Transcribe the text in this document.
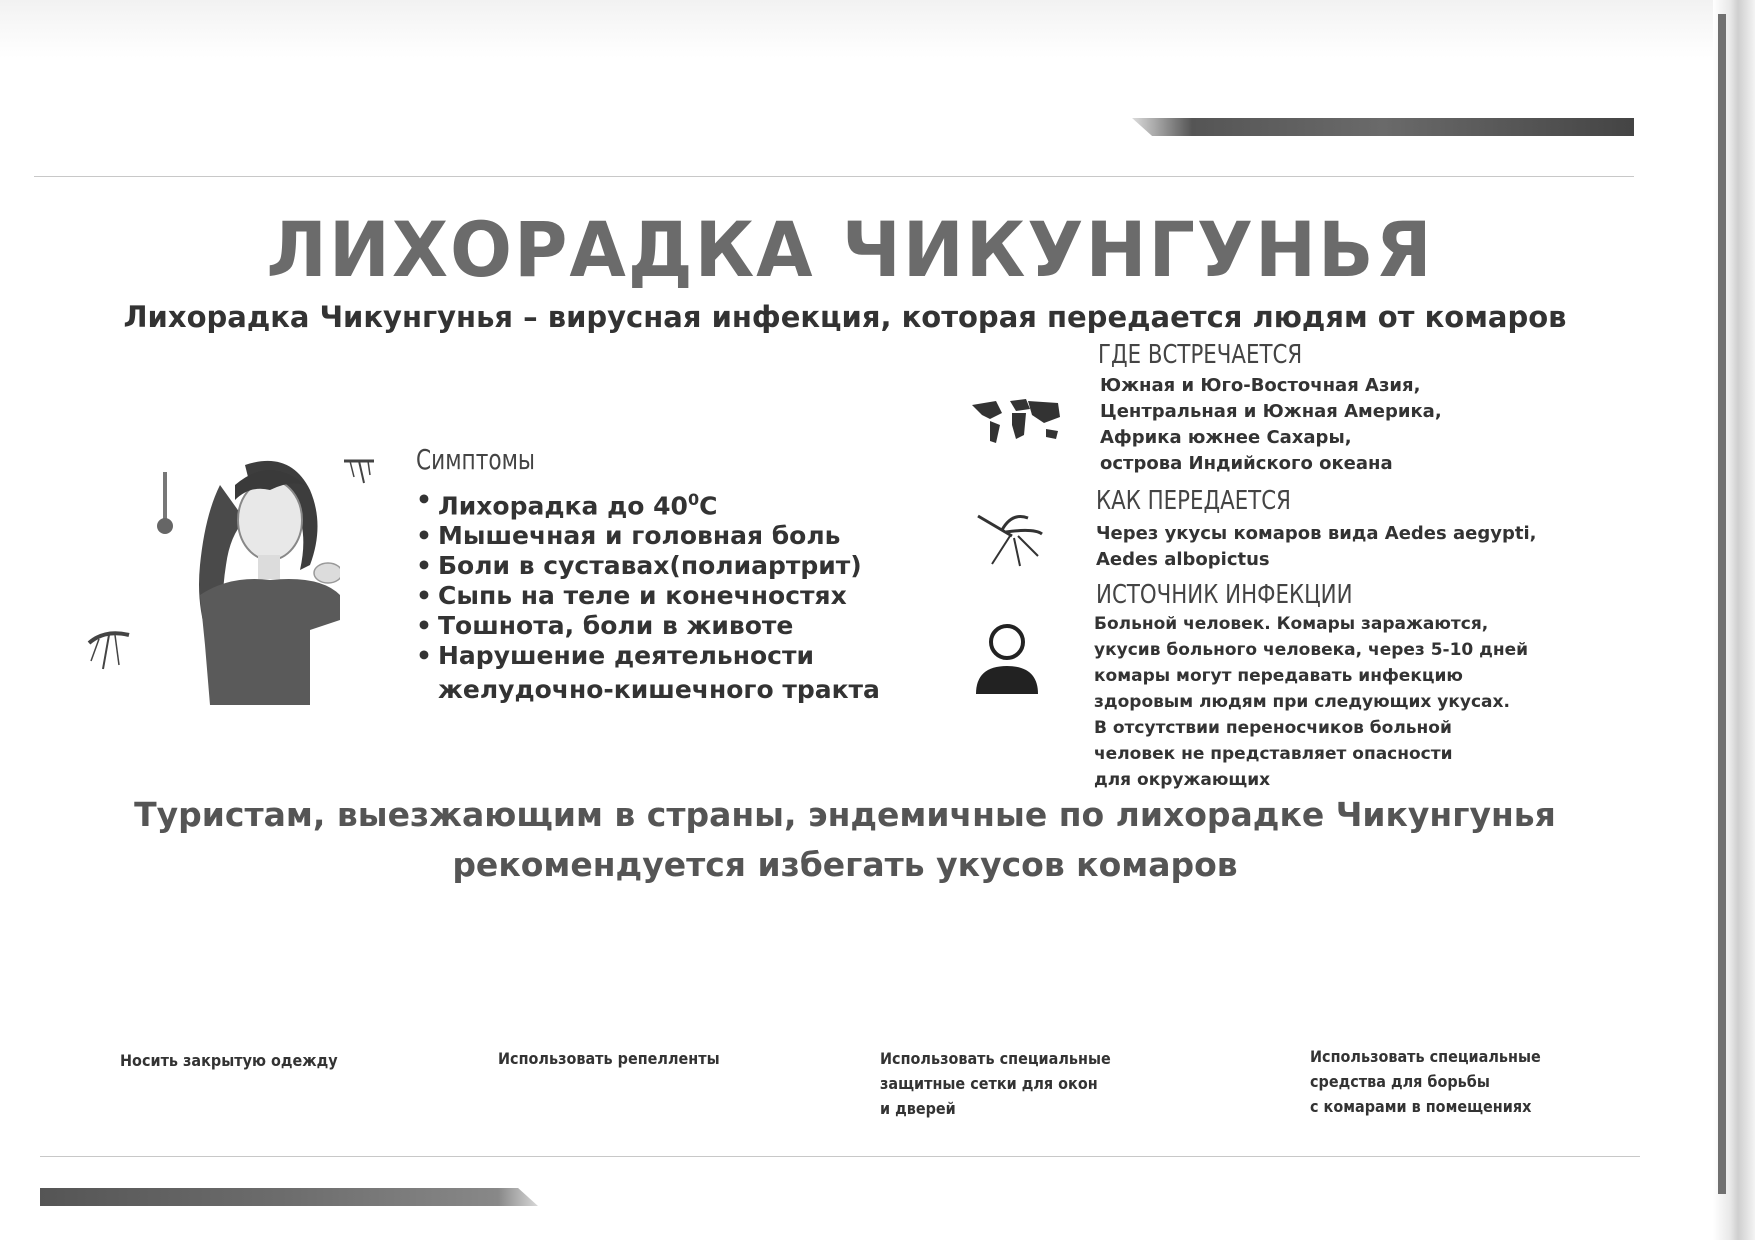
ЛИХОРАДКА ЧИКУНГУНЬЯ
Лихорадка Чикунгунья – вирусная инфекция, которая передается людям от комаров
Симптомы
• Лихорадка до $40^0С$
• Мышечная и головная боль
• Боли в суставах(полиартрит)
• Сыпь на теле и конечностях
• Тошнота, боли в животе
• Нарушение деятельности
желудочно-кишечного тракта
ГДЕ ВСТРЕЧАЕТСЯ
Южная и Юго-Восточная Азия,
Центральная и Южная Америка,
Африка южнее Сахары,
острова Индийского океана
КАК ПЕРЕДАЕТСЯ
Через укусы комаров вида Aedes aegypti,
Aedes albopictus
ИСТОЧНИК ИНФЕКЦИИ
Больной человек. Комары заражаются,
укусив больного человека, через 5-10 дней
комары могут передавать инфекцию
здоровым людям при следующих укусах.
В отсутствии переносчиков больной
человек не представляет опасности
для окружающих
Туристам, выезжающим в страны, эндемичные по лихорадке Чикунгунья
рекомендуется избегать укусов комаров
Носить закрытую одежду	Использовать репелленты	Использовать специальные
защитные сетки для окон
и дверей
Использовать специальные
средства для борьбы
с комарами в помещениях
